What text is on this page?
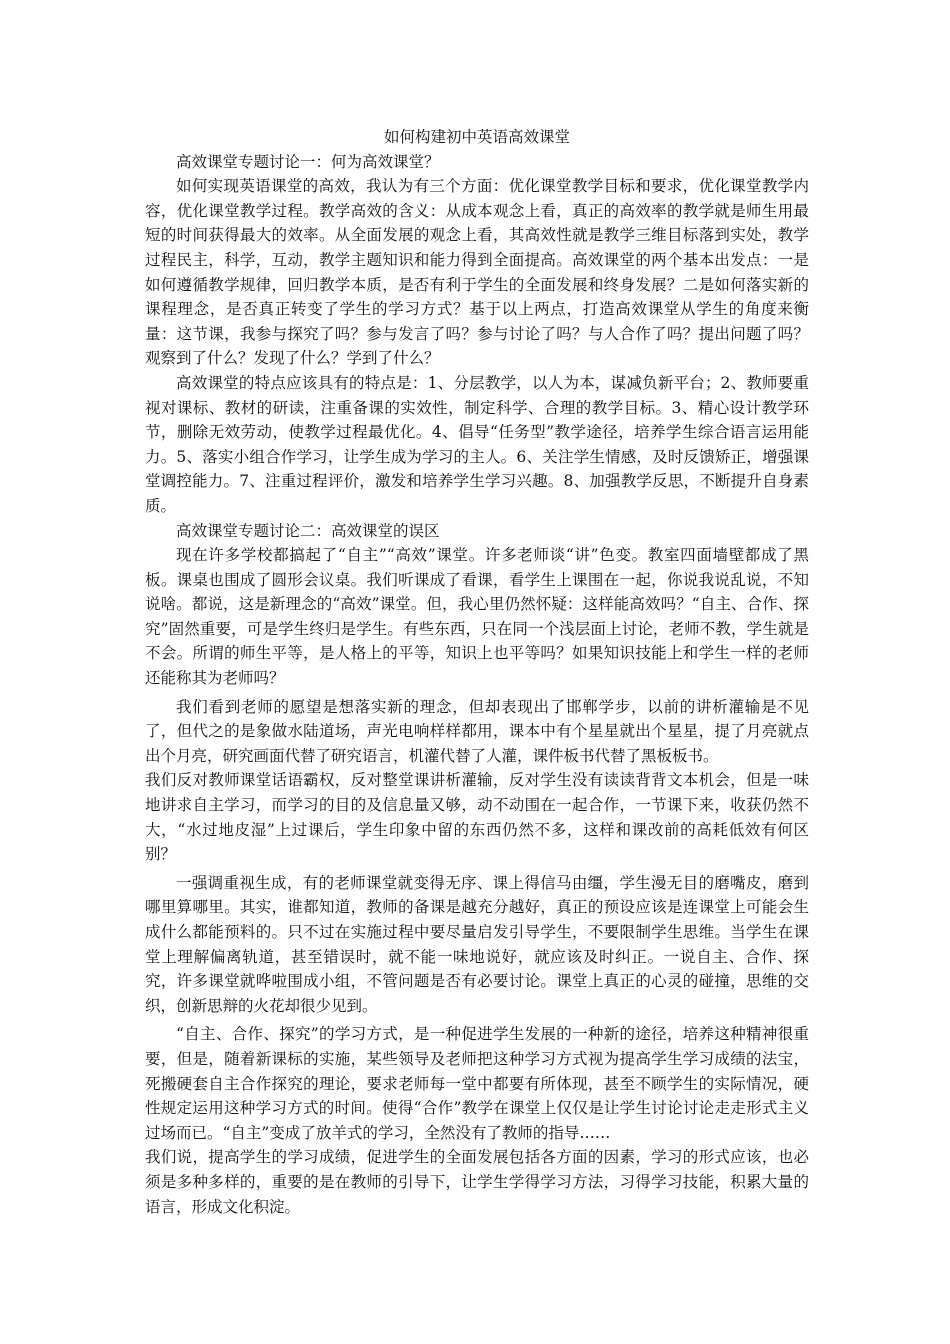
如何构建初中英语高效课堂

高效课堂专题讨论一：何为高效课堂？

如何实现英语课堂的高效，我认为有三个方面：优化课堂教学目标和要求，优化课堂教学内容，优化课堂教学过程。教学高效的含义：从成本观念上看，真正的高效率的教学就是师生用最短的时间获得最大的效率。从全面发展的观念上看，其高效性就是教学三维目标落到实处，教学过程民主，科学，互动，教学主题知识和能力得到全面提高。高效课堂的两个基本出发点：一是如何遵循教学规律，回归教学本质，是否有利于学生的全面发展和终身发展？二是如何落实新的课程理念，是否真正转变了学生的学习方式？基于以上两点，打造高效课堂从学生的角度来衡量：这节课，我参与探究了吗？参与发言了吗？参与讨论了吗？与人合作了吗？提出问题了吗？观察到了什么？发现了什么？学到了什么？

高效课堂的特点应该具有的特点是：1、分层教学，以人为本，谋减负新平台；2、教师要重视对课标、教材的研读，注重备课的实效性，制定科学、合理的教学目标。3、精心设计教学环节，删除无效劳动，使教学过程最优化。4、倡导“任务型”教学途径，培养学生综合语言运用能力。5、落实小组合作学习，让学生成为学习的主人。6、关注学生情感，及时反馈矫正，增强课堂调控能力。7、注重过程评价，激发和培养学生学习兴趣。8、加强教学反思，不断提升自身素质。

高效课堂专题讨论二：高效课堂的误区

现在许多学校都搞起了“自主”“高效”课堂。许多老师谈“讲”色变。教室四面墙壁都成了黑板。课桌也围成了圆形会议桌。我们听课成了看课，看学生上课围在一起，你说我说乱说，不知说啥。都说，这是新理念的“高效”课堂。但，我心里仍然怀疑：这样能高效吗？“自主、合作、探究”固然重要，可是学生终归是学生。有些东西，只在同一个浅层面上讨论，老师不教，学生就是不会。所谓的师生平等，是人格上的平等，知识上也平等吗？如果知识技能上和学生一样的老师还能称其为老师吗？

我们看到老师的愿望是想落实新的理念，但却表现出了邯郸学步，以前的讲析灌输是不见了，但代之的是象做水陆道场，声光电响样样都用，课本中有个星星就出个星星，提了月亮就点出个月亮，研究画面代替了研究语言，机灌代替了人灌，课件板书代替了黑板板书。

我们反对教师课堂话语霸权，反对整堂课讲析灌输，反对学生没有读读背背文本机会，但是一味地讲求自主学习，而学习的目的及信息量又够，动不动围在一起合作，一节课下来，收获仍然不大，“水过地皮湿”上过课后，学生印象中留的东西仍然不多，这样和课改前的高耗低效有何区别？

一强调重视生成，有的老师课堂就变得无序、课上得信马由缰，学生漫无目的磨嘴皮，磨到哪里算哪里。其实，谁都知道，教师的备课是越充分越好，真正的预设应该是连课堂上可能会生成什么都能预料的。只不过在实施过程中要尽量启发引导学生，不要限制学生思维。当学生在课堂上理解偏离轨道，甚至错误时，就不能一味地说好，就应该及时纠正。一说自主、合作、探究，许多课堂就哗啦围成小组，不管问题是否有必要讨论。课堂上真正的心灵的碰撞，思维的交织，创新思辩的火花却很少见到。

“自主、合作、探究”的学习方式，是一种促进学生发展的一种新的途径，培养这种精神很重要，但是，随着新课标的实施，某些领导及老师把这种学习方式视为提高学生学习成绩的法宝，死搬硬套自主合作探究的理论，要求老师每一堂中都要有所体现，甚至不顾学生的实际情况，硬性规定运用这种学习方式的时间。使得“合作”教学在课堂上仅仅是让学生讨论讨论走走形式主义过场而已。“自主”变成了放羊式的学习，全然没有了教师的指导……

我们说，提高学生的学习成绩，促进学生的全面发展包括各方面的因素，学习的形式应该，也必须是多种多样的，重要的是在教师的引导下，让学生学得学习方法，习得学习技能，积累大量的语言，形成文化积淀。
